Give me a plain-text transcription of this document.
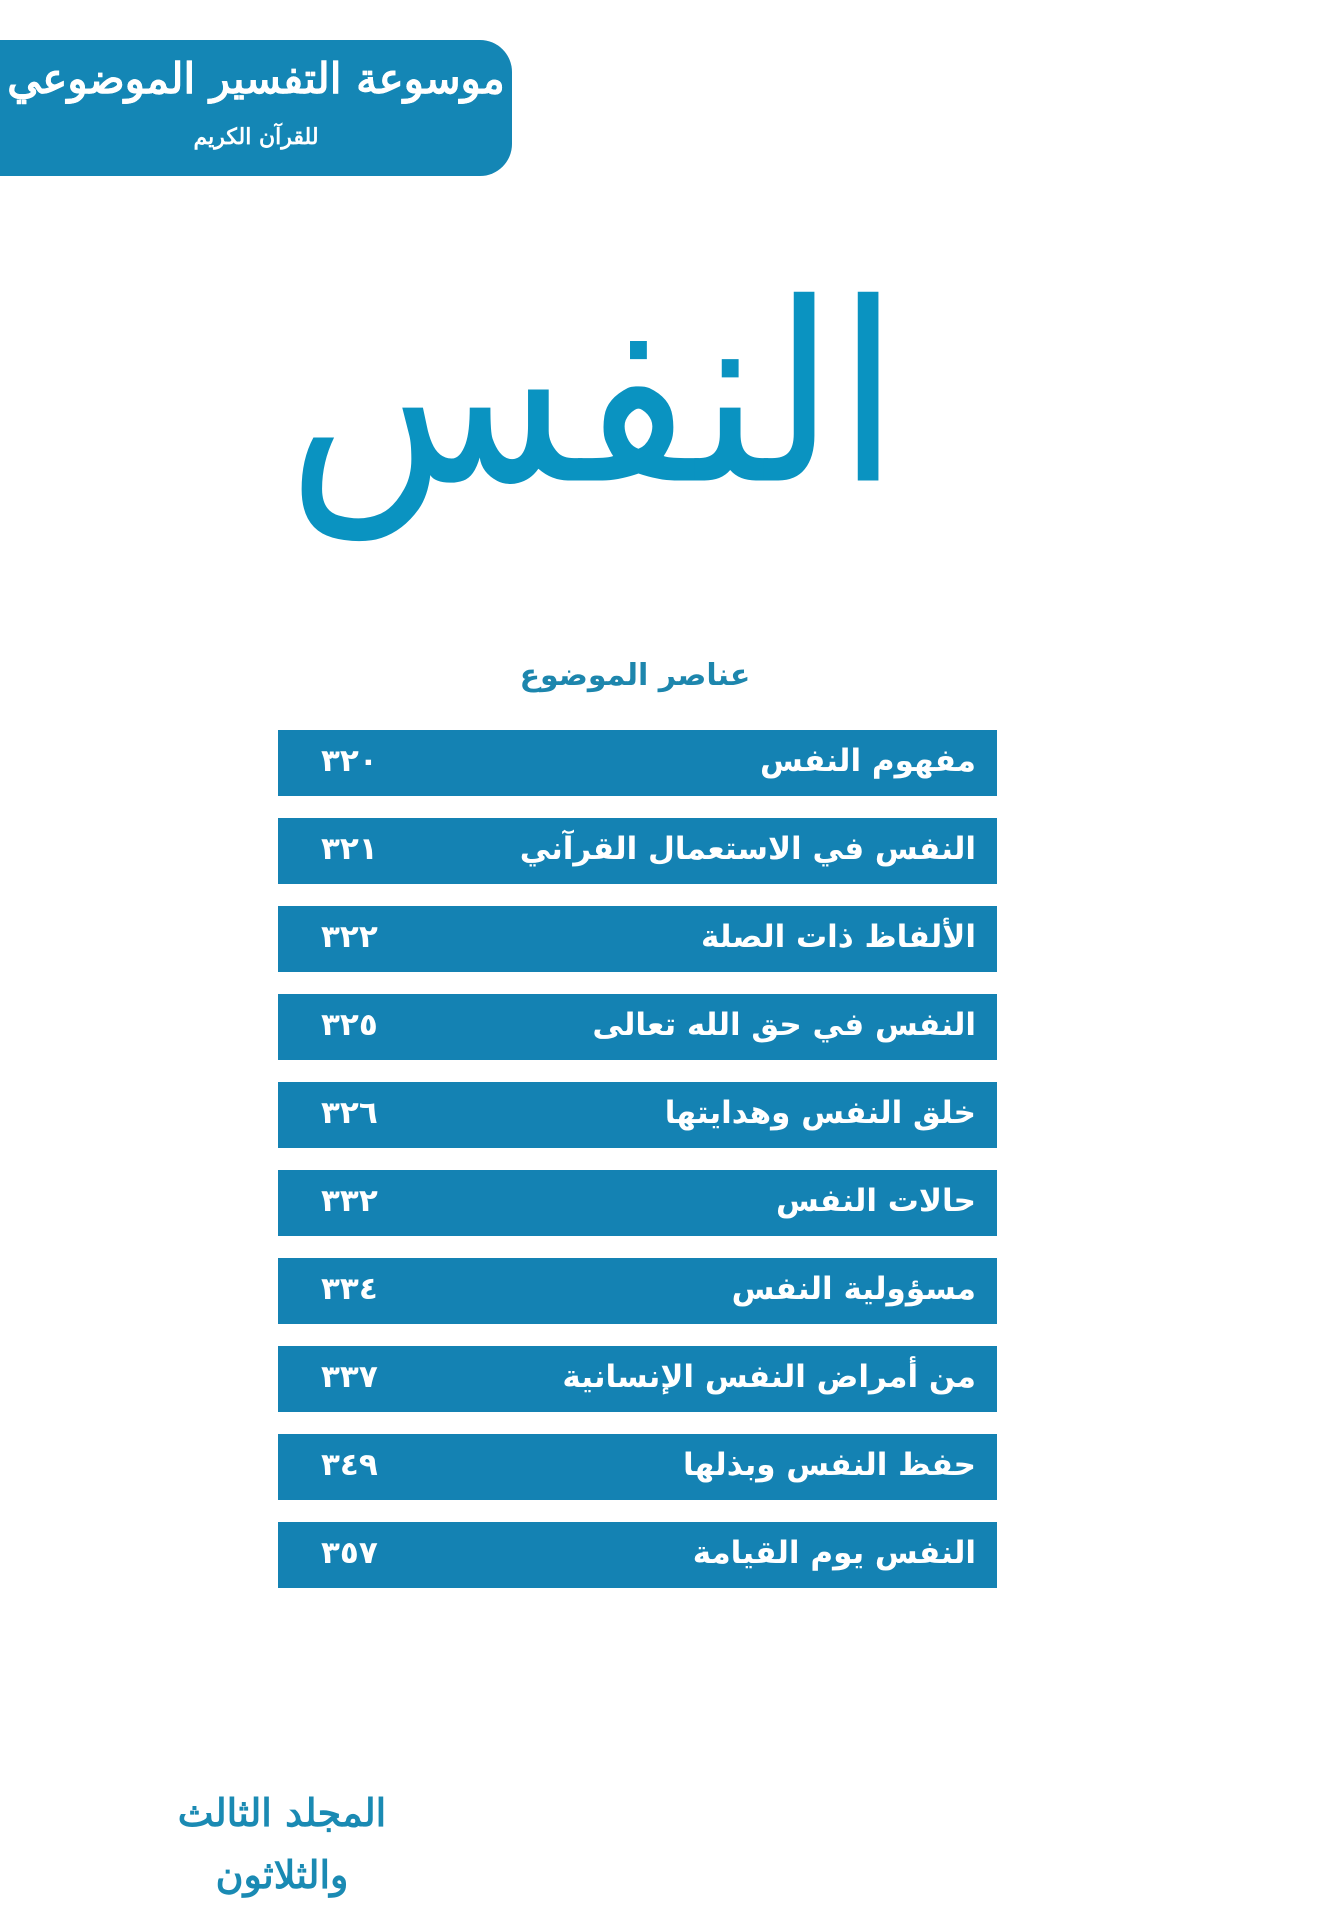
موسوعة التفسير الموضوعي
للقرآن الكريم
النفس
عناصر الموضوع
٣٢٠	مفهوم النفس
٣٢١	النفس في الاستعمال القرآني
٣٢٢	الألفاظ ذات الصلة
٣٢٥	النفس في حق الله تعالى
٣٢٦	خلق النفس وهدايتها
٣٣٢	حالات النفس
٣٣٤	مسؤولية النفس
٣٣٧	من أمراض النفس الإنسانية
٣٤٩	حفظ النفس وبذلها
٣٥٧	النفس يوم القيامة
المجلد الثالث والثلاثون
